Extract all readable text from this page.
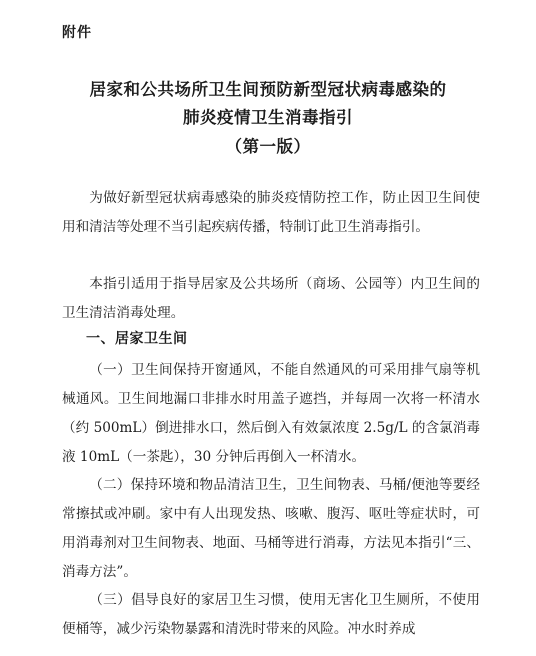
附件
居家和公共场所卫生间预防新型冠状病毒感染的
肺炎疫情卫生消毒指引
（第一版）
为做好新型冠状病毒感染的肺炎疫情防控工作，防止因卫生间使用和清洁等处理不当引起疾病传播，特制订此卫生消毒指引。
本指引适用于指导居家及公共场所（商场、公园等）内卫生间的卫生清洁消毒处理。
一、居家卫生间
（一）卫生间保持开窗通风，不能自然通风的可采用排气扇等机械通风。卫生间地漏口非排水时用盖子遮挡，并每周一次将一杯清水（约 500mL）倒进排水口，然后倒入有效氯浓度 2.5g/L 的含氯消毒液 10mL（一茶匙），30 分钟后再倒入一杯清水。
（二）保持环境和物品清洁卫生，卫生间物表、马桶/便池等要经常擦拭或冲刷。家中有人出现发热、咳嗽、腹泻、呕吐等症状时，可用消毒剂对卫生间物表、地面、马桶等进行消毒，方法见本指引“三、消毒方法”。
（三）倡导良好的家居卫生习惯，使用无害化卫生厕所，不使用便桶等，减少污染物暴露和清洗时带来的风险。冲水时养成
